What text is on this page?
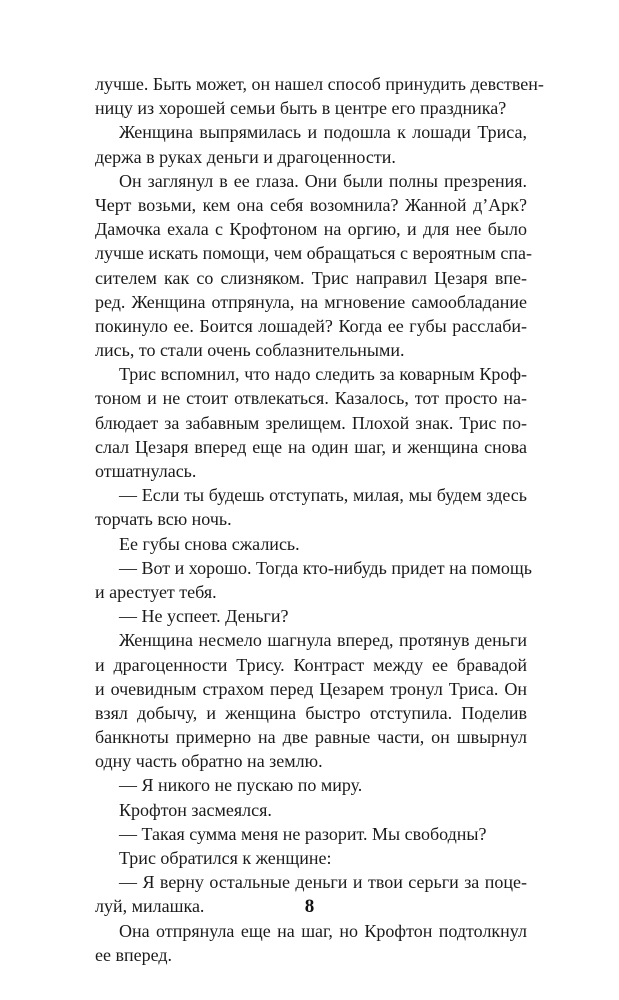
лучше. Быть может, он нашел способ принудить девствен-
ницу из хорошей семьи быть в центре его праздника?
Женщина выпрямилась и подошла к лошади Триса,
держа в руках деньги и драгоценности.
Он заглянул в ее глаза. Они были полны презрения.
Черт возьми, кем она себя возомнила? Жанной д’Арк?
Дамочка ехала с Крофтоном на оргию, и для нее было
лучше искать помощи, чем обращаться с вероятным спа-
сителем как со слизняком. Трис направил Цезаря впе-
ред. Женщина отпрянула, на мгновение самообладание
покинуло ее. Боится лошадей? Когда ее губы расслаби-
лись, то стали очень соблазнительными.
Трис вспомнил, что надо следить за коварным Кроф-
тоном и не стоит отвлекаться. Казалось, тот просто на-
блюдает за забавным зрелищем. Плохой знак. Трис по-
слал Цезаря вперед еще на один шаг, и женщина снова
отшатнулась.
— Если ты будешь отступать, милая, мы будем здесь
торчать всю ночь.
Ее губы снова сжались.
— Вот и хорошо. Тогда кто-нибудь придет на помощь
и арестует тебя.
— Не успеет. Деньги?
Женщина несмело шагнула вперед, протянув деньги
и драгоценности Трису. Контраст между ее бравадой
и очевидным страхом перед Цезарем тронул Триса. Он
взял добычу, и женщина быстро отступила. Поделив
банкноты примерно на две равные части, он швырнул
одну часть обратно на землю.
— Я никого не пускаю по миру.
Крофтон засмеялся.
— Такая сумма меня не разорит. Мы свободны?
Трис обратился к женщине:
— Я верну остальные деньги и твои серьги за поце-
луй, милашка.
Она отпрянула еще на шаг, но Крофтон подтолкнул
ее вперед.
8
